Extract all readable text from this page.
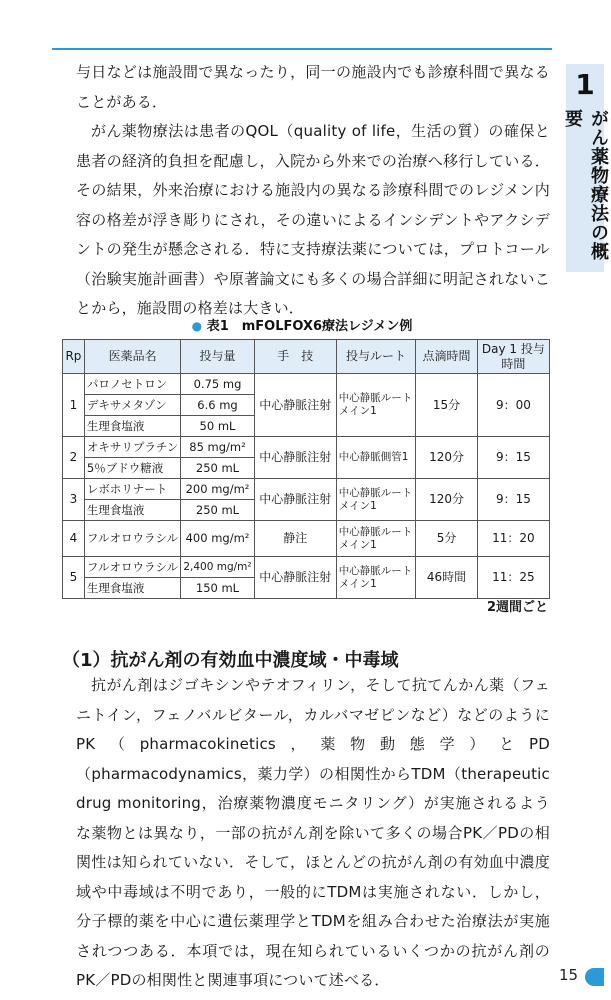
1
がん薬物療法の概要

与日などは施設間で異なったり，同一の施設内でも診療科間で異なることがある．

がん薬物療法は患者のQOL（quality of life，生活の質）の確保と患者の経済的負担を配慮し，入院から外来での治療へ移行している．その結果，外来治療における施設内の異なる診療科間でのレジメン内容の格差が浮き彫りにされ，その違いによるインシデントやアクシデントの発生が懸念される．特に支持療法薬については，プロトコール（治験実施計画書）や原著論文にも多くの場合詳細に明記されないことから，施設間の格差は大きい．

● 表1　mFOLFOX6療法レジメン例
Rp	医薬品名	投与量	手　技	投与ルート	点滴時間	Day 1 投与時間
1	パロノセトロン	0.75 mg	中心静脈注射	中心静脈ルート メイン1	15分	9：00
	デキサメタゾン	6.6 mg				
	生理食塩液	50 mL				
2	オキサリプラチン	85 mg/m²	中心静脈注射	中心静脈側管1	120分	9：15
	5％ブドウ糖液	250 mL				
3	レボホリナート	200 mg/m²	中心静脈注射	中心静脈ルート メイン1	120分	9：15
	生理食塩液	250 mL				
4	フルオロウラシル	400 mg/m²	静注	中心静脈ルート メイン1	5分	11：20
5	フルオロウラシル	2,400 mg/m²	中心静脈注射	中心静脈ルート メイン1	46時間	11：25
	生理食塩液	150 mL				
2週間ごと
（1）抗がん剤の有効血中濃度域・中毒域

抗がん剤はジゴキシンやテオフィリン，そして抗てんかん薬（フェニトイン，フェノバルビタール，カルバマゼピンなど）などのようにPK（pharmacokinetics，薬物動態学）とPD（pharmacodynamics，薬力学）の相関性からTDM（therapeutic drug monitoring，治療薬物濃度モニタリング）が実施されるような薬物とは異なり，一部の抗がん剤を除いて多くの場合PK／PDの相関性は知られていない．そして，ほとんどの抗がん剤の有効血中濃度域や中毒域は不明であり，一般的にTDMは実施されない．しかし，分子標的薬を中心に遺伝薬理学とTDMを組み合わせた治療法が実施されつつある．本項では，現在知られているいくつかの抗がん剤のPK／PDの相関性と関連事項について述べる．	15
